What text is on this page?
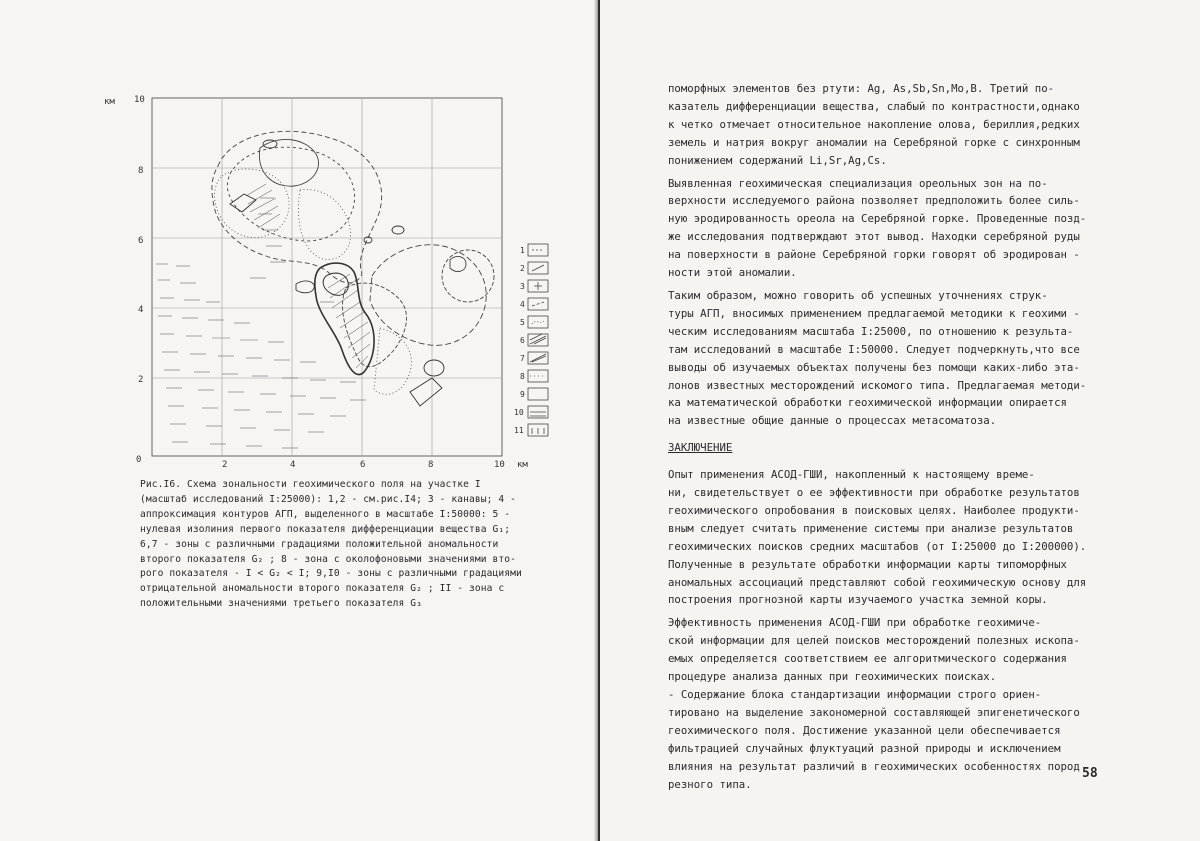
км 10
8
6
4
2
0	2	4	6	8	10 км
1
2
3
4
5
6
7
8
9
10
11
Рис.I6. Схема зональности геохимического поля на участке I
(масштаб исследований I:25000): 1,2 - см.рис.I4; 3 - канавы; 4 -
аппроксимация контуров АГП, выделенного в масштабе I:50000: 5 -
нулевая изолиния первого показателя дифференциации вещества G₁;
6,7 - зоны с различными градациями положительной аномальности
второго показателя G₂ ; 8 - зона с околофоновыми значениями вто-
рого показателя - I < G₂ < I; 9,I0 - зоны с различными градациями
отрицательной аномальности второго показателя G₂ ; II - зона с
положительными значениями третьего показателя G₃
поморфных элементов без ртути: Ag, As,Sb,Sn,Mo,B. Третий по-
казатель дифференциации вещества, слабый по контрастности,однако
к четко отмечает относительное накопление олова, бериллия,редких
земель и натрия вокруг аномалии на Серебряной горке с синхронным
понижением содержаний Li,Sr,Ag,Cs.
Выявленная геохимическая специализация ореольных зон на по-
верхности исследуемого района позволяет предположить более силь-
ную эродированность ореола на Серебряной горке. Проведенные позд-
же исследования подтверждают этот вывод. Находки серебряной руды
на поверхности в районе Серебряной горки говорят об эродирован -
ности этой аномалии.
Таким образом, можно говорить об успешных уточнениях струк-
туры АГП, вносимых применением предлагаемой методики к геохими -
ческим исследованиям масштаба I:25000, по отношению к результа-
там исследований в масштабе I:50000. Следует подчеркнуть,что все
выводы об изучаемых объектах получены без помощи каких-либо эта-
лонов известных месторождений искомого типа. Предлагаемая методи-
ка математической обработки геохимической информации опирается
на известные общие данные о процессах метасоматоза.
ЗАКЛЮЧЕНИЕ
Опыт применения АСОД-ГШИ, накопленный к настоящему време-
ни, свидетельствует о ее эффективности при обработке результатов
геохимического опробования в поисковых целях. Наиболее продукти-
вным следует считать применение системы при анализе результатов
геохимических поисков средних масштабов (от I:25000 до I:200000).
Полученные в результате обработки информации карты типоморфных
аномальных ассоциаций представляют собой геохимическую основу для
построения прогнозной карты изучаемого участка земной коры.
Эффективность применения АСОД-ГШИ при обработке геохимиче-
ской информации для целей поисков месторождений полезных ископа-
емых определяется соответствием ее алгоритмического содержания
процедуре анализа данных при геохимических поисках.
- Содержание блока стандартизации информации строго ориен-
тировано на выделение закономерной составляющей эпигенетического
геохимического поля. Достижение указанной цели обеспечивается
фильтрацией случайных флуктуаций разной природы и исключением
влияния на результат различий в геохимических особенностях пород
резного типа.
58
